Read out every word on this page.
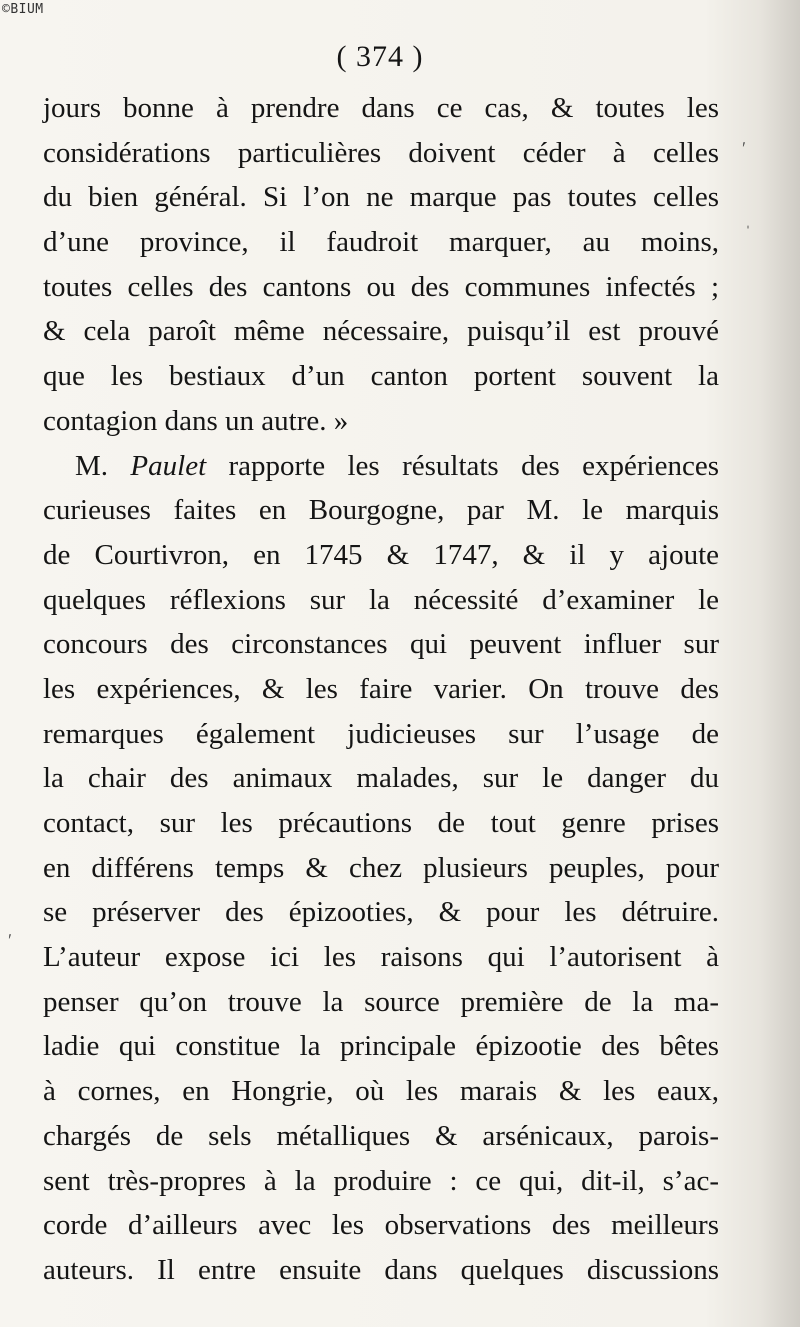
©BIUM

( 374 )

jours bonne à prendre dans ce cas, & toutes les
considérations particulières doivent céder à celles
du bien général. Si l’on ne marque pas toutes celles
d’une province, il faudroit marquer, au moins,
toutes celles des cantons ou des communes infectés ;
& cela paroît même nécessaire, puisqu’il est prouvé
que les bestiaux d’un canton portent souvent la
contagion dans un autre. »
M. Paulet rapporte les résultats des expériences
curieuses faites en Bourgogne, par M. le marquis
de Courtivron, en 1745 & 1747, & il y ajoute
quelques réflexions sur la nécessité d’examiner le
concours des circonstances qui peuvent influer sur
les expériences, & les faire varier. On trouve des
remarques également judicieuses sur l’usage de
la chair des animaux malades, sur le danger du
contact, sur les précautions de tout genre prises
en différens temps & chez plusieurs peuples, pour
se préserver des épizooties, & pour les détruire.
L’auteur expose ici les raisons qui l’autorisent à
penser qu’on trouve la source première de la ma-
ladie qui constitue la principale épizootie des bêtes
à cornes, en Hongrie, où les marais & les eaux,
chargés de sels métalliques & arsénicaux, parois-
sent très-propres à la produire : ce qui, dit-il, s’ac-
corde d’ailleurs avec les observations des meilleurs
auteurs. Il entre ensuite dans quelques discussions
ʹ
ʹ
ˈ
